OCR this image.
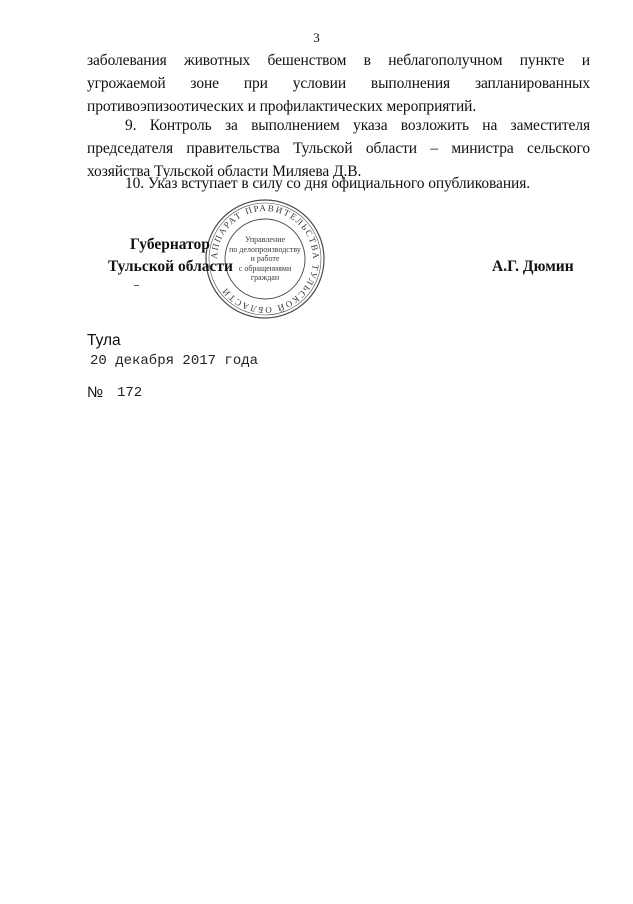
3
заболевания животных бешенством в неблагополучном пункте и угрожаемой зоне при условии выполнения запланированных противоэпизоотических и профилактических мероприятий.
9. Контроль за выполнением указа возложить на заместителя председателя правительства Тульской области – министра сельского хозяйства Тульской области Миляева Д.В.
10. Указ вступает в силу со дня официального опубликования.
АППАРАТ ПРАВИТЕЛЬСТВА ТУЛЬСКОЙ ОБЛАСТИ
Управление
по делопроизводству
и работе
с обращениями
граждан
Губернатор
Тульской области	А.Г. Дюмин
Тула
20 декабря 2017 года
№ 172
